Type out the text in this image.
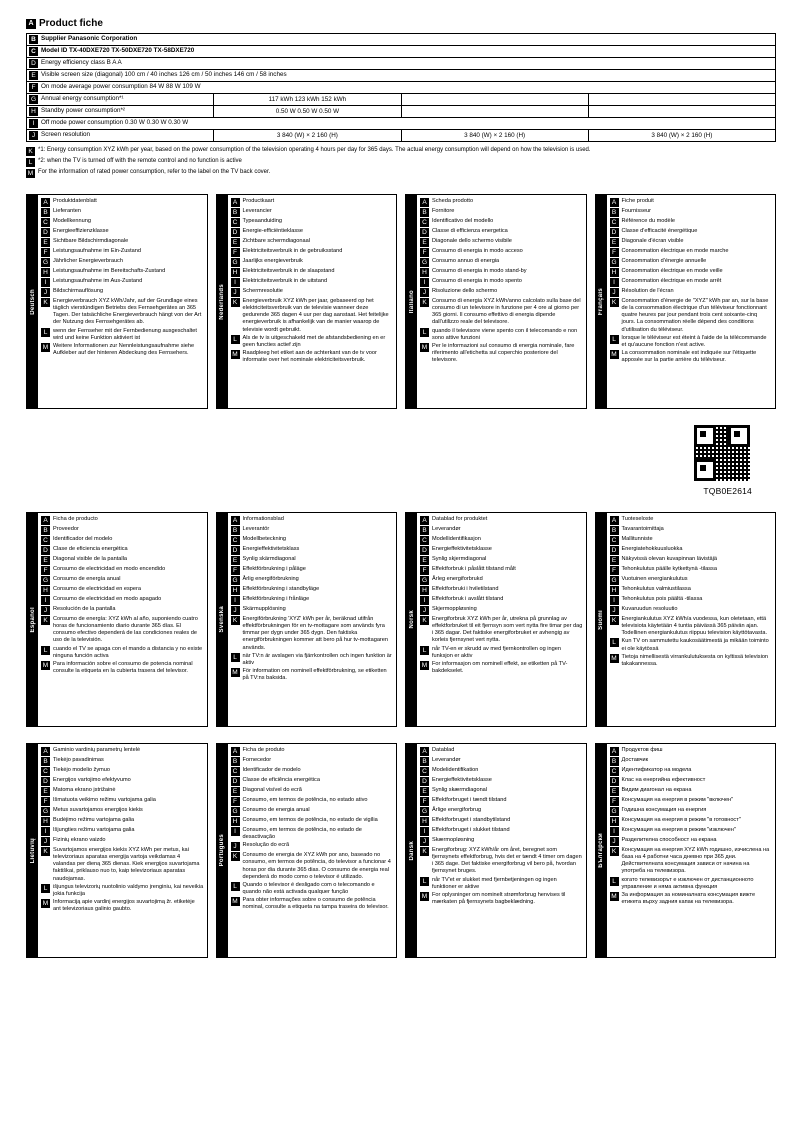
A Product fiche
B Supplier Panasonic Corporation			

C Model ID TX-40DXE720 TX-50DXE720 TX-58DXE720			

D Energy efficiency class B A A			

E Visible screen size (diagonal) 100 cm / 40 inches 126 cm / 50 inches 146 cm / 58 inches			

F On mode average power consumption 84 W 88 W 109 W			

G Annual energy consumption*¹	117 kWh 123 kWh 152 kWh		

H Standby power consumption*²	0.50 W 0.50 W 0.50 W		

I Off mode power consumption 0.30 W 0.30 W 0.30 W			

J Screen resolution	3 840 (W) × 2 160 (H)	3 840 (W) × 2 160 (H)	3 840 (W) × 2 160 (H)
K *1: Energy consumption XYZ kWh per year, based on the power consumption of the television operating 4 hours per day for 365 days. The actual energy consumption will depend on how the television is used.
L *2: when the TV is turned off with the remote control and no function is active
M For the information of rated power consumption, refer to the label on the TV back cover.
Deutsch
A Produktdatenblatt
B Lieferanten
C Modellkennung
D Energieeffizienzklasse
E Sichtbare Bildschirmdiagonale
F Leistungsaufnahme im Ein-Zustand
G Jährlicher Energieverbrauch
H Leistungsaufnahme im Bereitschafts-Zustand
I	Leistungsaufnahme im Aus-Zustand
J	Bildschirmauflösung
K Energieverbrauch XYZ kWh/Jahr, auf der Grundlage eines täglich vierstündigen Betriebs des Fernsehgerätes an 365 Tagen. Der tatsächliche Energieverbrauch hängt von der Art der Nutzung des Fernsehgerätes ab.
L	wenn der Fernseher mit der Fernbedienung ausgeschaltet wird und keine Funktion aktiviert ist
M Weitere Informationen zur Nennleistungsaufnahme siehe Aufkleber auf der hinteren Abdeckung des Fernsehers.
Nederlands
A Productkaart
B Leverancier
C Typeaanduiding
D Energie-efficiëntieklasse
E Zichtbare schermdiagonaal
F Elektriciteitsverbruik in de gebruiksstand
G Jaarlijks energieverbruik
H Elektriciteitsverbruik in de slaapstand
I	Elektriciteitsverbruik in de uitstand
J	Schermresolutie
K Energieverbruik XYZ kWh per jaar, gebaseerd op het elektriciteitsverbruik van de televisie wanneer deze gedurende 365 dagen 4 uur per dag aanstaat. Het feitelijke energieverbruik is afhankelijk van de manier waarop de televisie wordt gebruikt.
L	Als de tv is uitgeschakeld met de afstandsbediening en er geen functies actief zijn
M Raadpleeg het etiket aan de achterkant van de tv voor informatie over het nominale elektriciteitsverbruik.
Italiano
A Scheda prodotto
B Fornitore
C Identificativo del modello
D Classe di efficienza energetica
E Diagonale dello schermo visibile
F Consumo di energia in modo acceso
G Consumo annuo di energia
H Consumo di energia in modo stand-by
I	Consumo di energia in modo spento
J	Risoluzione dello schermo
K Consumo di energia XYZ kWh/anno calcolato sulla base del consumo di un televisore in funzione per 4 ore al giorno per 365 giorni. Il consumo effettivo di energia dipende dall'utilizzo reale del televisore.
L	quando il televisore viene spento con il telecomando e non sono attive funzioni
M Per le informazioni sul consumo di energia nominale, fare riferimento all'etichetta sul coperchio posteriore del televisore.
Français
A Fiche produit
B Fournisseur
C Référence du modèle
D Classe d'efficacité énergétique
E Diagonale d'écran visible
F Consommation électrique en mode marche
G Consommation d'énergie annuelle
H Consommation électrique en mode veille
I	Consommation électrique en mode arrêt
J	Résolution de l'écran
K Consommation d'énergie de "XYZ" kWh par an, sur la base de la consommation électrique d'un téléviseur fonctionnant quatre heures par jour pendant trois cent soixante-cinq jours. La consommation réelle dépend des conditions d'utilisation du téléviseur.
L	lorsque le téléviseur est éteint à l'aide de la télécommande et qu'aucune fonction n'est active.
M La consommation nominale est indiquée sur l'étiquette apposée sur la partie arrière du téléviseur.
TQB0E2614
Español
A Ficha de producto
B Proveedor
C Identificador del modelo
D Clase de eficiencia energética
E Diagonal visible de la pantalla
F Consumo de electricidad en modo encendido
G Consumo de energía anual
H Consumo de electricidad en espera
I	Consumo de electricidad en modo apagado
J	Resolución de la pantalla
K Consumo de energía: XYZ kWh al año, suponiendo cuatro horas de funcionamiento diario durante 365 días. El consumo efectivo dependerá de las condiciones reales de uso de la televisión.
L	cuando el TV se apaga con el mando a distancia y no existe ninguna función activa
M Para información sobre el consumo de potencia nominal consulte la etiqueta en la cubierta trasera del televisor.
Svenska
A Informationsblad
B Leverantör
C Modellbeteckning
D Energieffektivitetsklass
E Synlig skärmdiagonal
F Effektförbrukning i påläge
G Årlig energiförbrukning
H Effektförbrukning i standbyläge
I	Effektförbrukning i frånläge
J	Skärmupplösning
K Energiförbrukning 'XYZ' kWh per år, beräknad utifrån effektförbrukningen för en tv-mottagare som används fyra timmar per dygn under 365 dygn. Den faktiska energiförbrukningen kommer att bero på hur tv-mottagaren används.
L	när TV:n är avslagen via fjärrkontrollen och ingen funktion är aktiv
M För information om nominell effektförbrukning, se etiketten på TV:ns baksida.
Norsk
A Datablad for produktet
B Leverandør
C Modellidentifikasjon
D Energieffektivitetsklasse
E Synlig skjermdiagonal
F Effektforbruk i påslått tilstand målt
G Årleg energiforbrukd
H Effektforbruki i hviletilstand
I	Effektforbruk i avslått tilstand
J	Skjermoppløsning
K Energiforbruk XYZ kWh per år, utrekna på grunnlag av effektforbruket til eit fjernsyn som vert nytta fire timar per dag i 365 dagar. Det faktiske energiforbruket er avhengig av korleis fjernsynet vert nytta.
L	når TV-en er skrudd av med fjernkontrollen og ingen funksjon er aktiv
M For informasjon om nominell effekt, se etiketten på TV-bakdekselet.
Suomi
A Tuoteseloste
B Tavarantoimittaja
C Mallitunniste
D Energiatehokkuusluokka
E Näkyvissä olevan kuvapinnan lävistäjä
F Tehonkulutus päälle kytkettynä -tilassa
G Vuotuinen energiankulutus
H Tehonkulutus valmiustilassa
I	Tehonkulutus pois päältä -tilassa
J	Kuvaruudun resoluutio
K Energiankulutus XYZ kWh/a vuodessa, kun oletetaan, että televisiota käytetään 4 tuntia päivässä 365 päivän ajan. Todellinen energiankulutus riippuu television käyttötavasta.
L	Kun TV on sammutettu kaukosäätimestä ja mikään toiminto ei ole käytössä
M Tietoja nimellisestä virrankulutuksesta on kyltissä television takakannessa.
Lietuvių
A Gaminio vardinių parametrų lentelė
B Tiekėjo pavadinimas
C Tiekėjo modelio žymuo
D Energijos vartojimo efektyvumo
E Matoma ekrano įstrižainė
F Išmatuota veikimo režimu vartojama galia
G Metus suvartojamos energijos kiekis
H Budėjimo režimu vartojama galia
I	Išjungties režimu vartojama galia
J	Fizinių ekrano vaizdo
K Suvartojamos energijos kiekis XYZ kWh per metus, kai televizoriaus aparatas energija vartoja veikdamas 4 valandas per dieną 365 dienas. Kiek energijos suvartojama faktiškai, priklauso nuo to, kaip televizoriaus aparatas naudojamas.
L	išjungus televizorių nuotolinio valdymo įrenginiu, kai neveikia jokia funkcija
M Informaciją apie vardinį energijos suvartojimą žr. etiketėje ant televizoriaus galinio gaubto.
Português
A Ficha de produto
B Fornecedor
C Identificador de modelo
D Classe de eficiência energética
E Diagonal visível do ecrã
F Consumo, em termos de potência, no estado ativo
G Consumo de energia anual
H Consumo, em termos de potência, no estado de vigília
I	Consumo, em termos de potência, no estado de desactivação
J	Resolução do ecrã
K Consumo de energia de XYZ kWh por ano, baseado no consumo, em termos de potência, do televisor a funcionar 4 horas por dia durante 365 dias. O consumo de energia real dependerá do modo como o televisor é utilizado.
L	Quando o televisor é desligado com o telecomando e quando não está activada qualquer função
M Para obter informações sobre o consumo de potência nominal, consulte a etiqueta na tampa traseira do televisor.
Dansk
A Datablad
B Leverandør
C Modelidentifikation
D Energieffektivitetsklasse
E Synlig skærmdiagonal
F Effektforbruget i tændt tilstand
G Årlige energiforbrug
H Effektforbruget i standbytilstand
I	Effektforbruget i slukket tilstand
J	Skærmopløsning
K Energiforbrug: XYZ kWh/år om året, beregnet som fjernsynets effektforbrug, hvis det er tændt 4 timer om dagen i 365 dage. Det faktiske energiforbrug vil bero på, hvordan fjernsynet bruges.
L	når TV'et er slukket med fjernbetjeningen og ingen funktioner er aktive
M For oplysninger om nominelt strømforbrug henvises til mærkaten på fjernsynets bagbeklædning.
Български
A Продуктов фиш
B Доставчик
C Идентификатор на модела
D Клас на енергийна ефективност
E Видим диагонал на екрана
F Консумация на енергия в режим "включен"
G Годишна консумация на енергия
H Консумация на енергия в режим "в готовност"
I	Консумация на енергия в режим "изключен"
J	Разделителна способност на екрана
K Консумация на енергия XYZ kWh годишно, изчислена на база на 4 работни часа дневно при 365 дни. Действителната консумация зависи от начина на употреба на телевизора.
L	когато телевизорът е изключен от дистанционното управление и няма активна функция
M За информация за номиналната консумация вижте етикета върху задния капак на телевизора.
